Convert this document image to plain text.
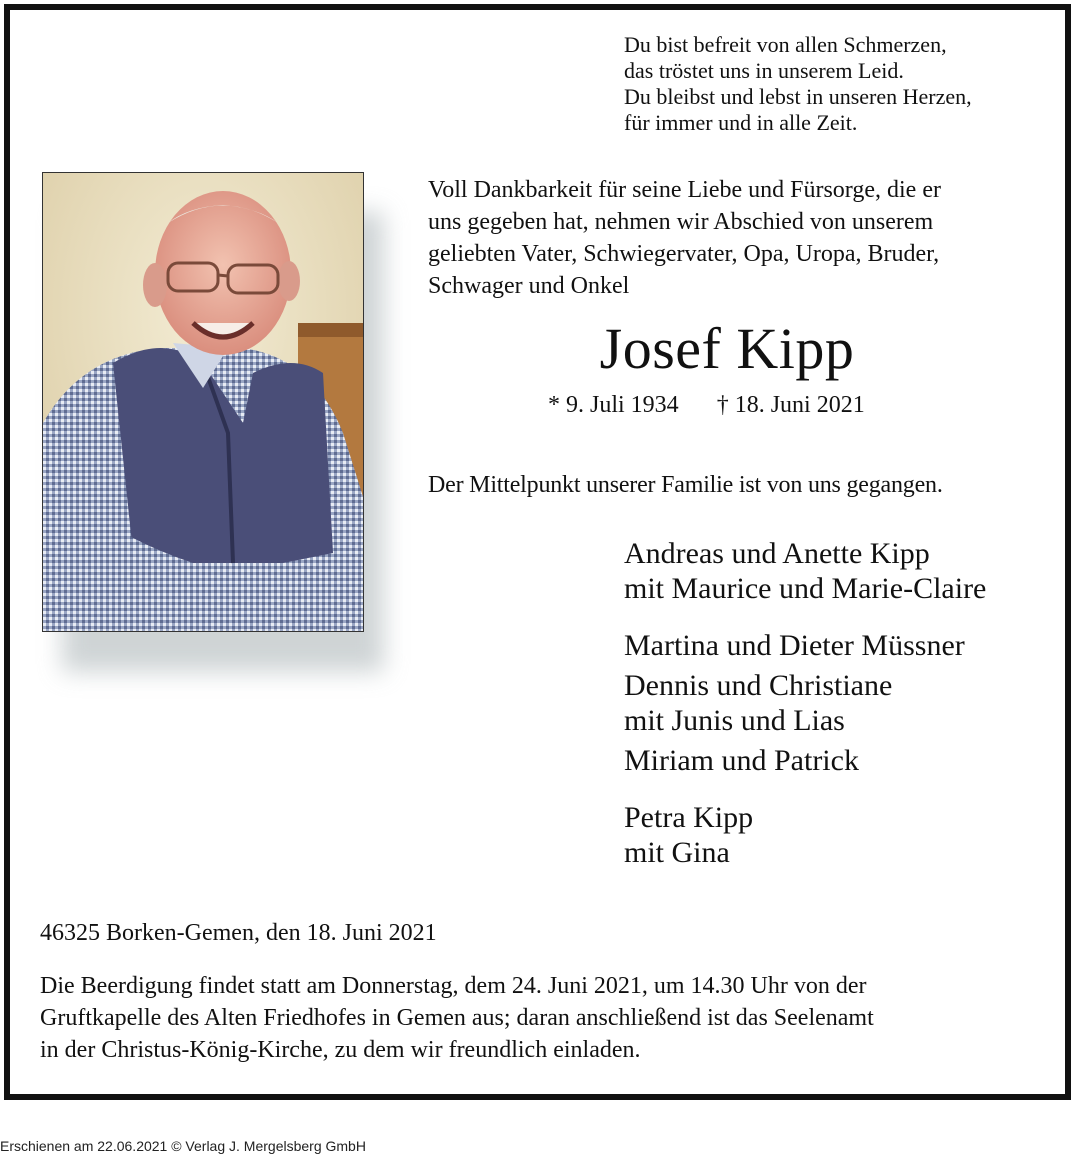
Du bist befreit von allen Schmerzen,
das tröstet uns in unserem Leid.
Du bleibst und lebst in unseren Herzen,
für immer und in alle Zeit.
Voll Dankbarkeit für seine Liebe und Fürsorge, die er
uns gegeben hat, nehmen wir Abschied von unserem
geliebten Vater, Schwiegervater, Opa, Uropa, Bruder,
Schwager und Onkel
Josef Kipp
* 9. Juli 1934 † 18. Juni 2021
Der Mittelpunkt unserer Familie ist von uns gegangen.
Andreas und Anette Kipp
mit Maurice und Marie-Claire
Martina und Dieter Müssner
Dennis und Christiane
mit Junis und Lias
Miriam und Patrick
Petra Kipp
mit Gina
46325 Borken-Gemen, den 18. Juni 2021
Die Beerdigung findet statt am Donnerstag, dem 24. Juni 2021, um 14.30 Uhr von der
Gruftkapelle des Alten Friedhofes in Gemen aus; daran anschließend ist das Seelenamt
in der Christus-König-Kirche, zu dem wir freundlich einladen.
Erschienen am 22.06.2021 © Verlag J. Mergelsberg GmbH
